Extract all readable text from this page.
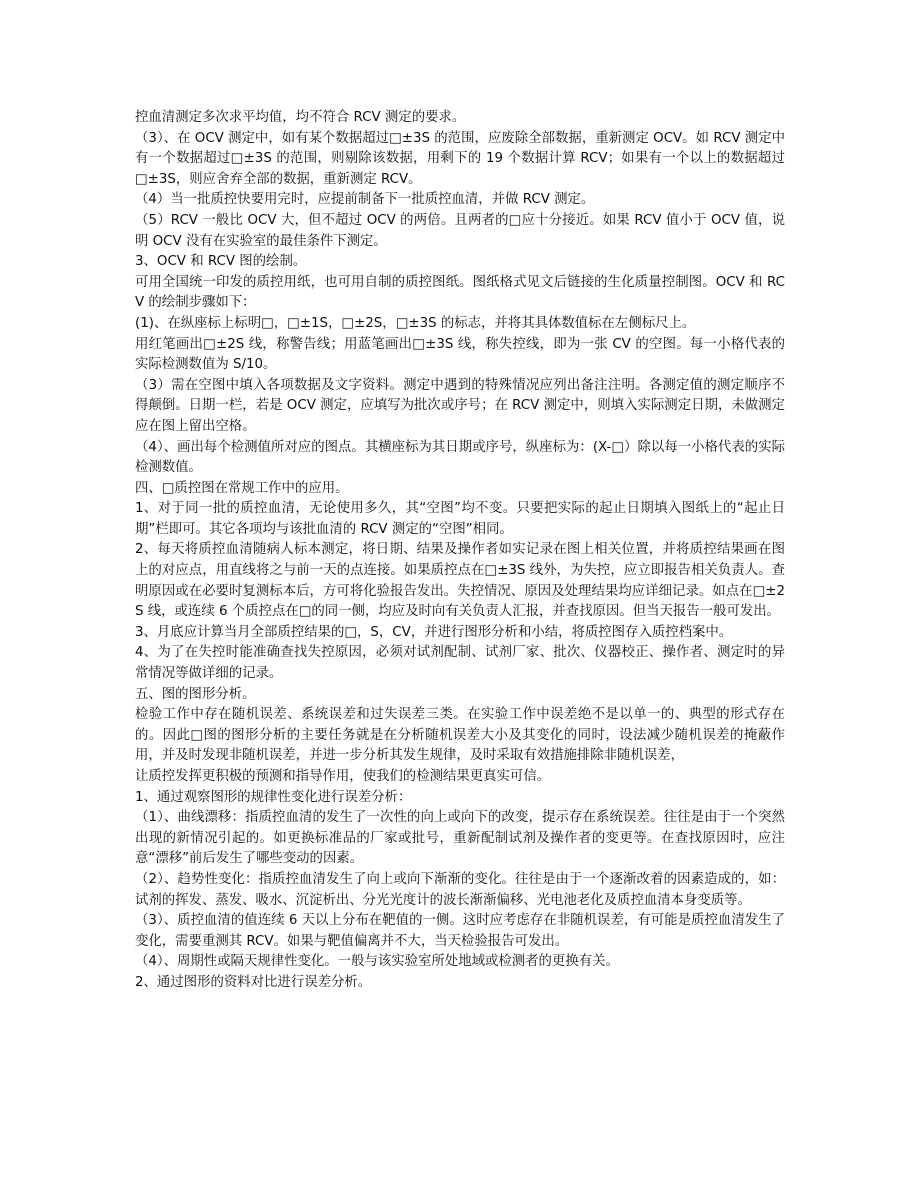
控血清测定多次求平均值，均不符合 RCV 测定的要求。

（3）、在 OCV 测定中，如有某个数据超过□±3S 的范围，应废除全部数据，重新测定 OCV。如 RCV 测定中有一个数据超过□±3S 的范围，则剔除该数据，用剩下的 19 个数据计算 RCV；如果有一个以上的数据超过□±3S，则应舍弃全部的数据，重新测定 RCV。

（4）当一批质控快要用完时，应提前制备下一批质控血清，并做 RCV 测定。

（5）RCV 一般比 OCV 大，但不超过 OCV 的两倍。且两者的□应十分接近。如果 RCV 值小于 OCV 值，说明 OCV 没有在实验室的最佳条件下测定。

3、OCV 和 RCV 图的绘制。

可用全国统一印发的质控用纸，也可用自制的质控图纸。图纸格式见文后链接的生化质量控制图。OCV 和 RCV 的绘制步骤如下：

(1)、在纵座标上标明□，□±1S，□±2S，□±3S 的标志，并将其具体数值标在左侧标尺上。

用红笔画出□±2S 线，称警告线；用蓝笔画出□±3S 线，称失控线，即为一张 CV 的空图。每一小格代表的实际检测数值为 S/10。

（3）需在空图中填入各项数据及文字资料。测定中遇到的特殊情况应列出备注注明。各测定值的测定顺序不得颠倒。日期一栏，若是 OCV 测定，应填写为批次或序号；在 RCV 测定中，则填入实际测定日期，未做测定应在图上留出空格。

（4）、画出每个检测值所对应的图点。其横座标为其日期或序号，纵座标为：(X-□）除以每一小格代表的实际检测数值。

四、□质控图在常规工作中的应用。

1、对于同一批的质控血清，无论使用多久，其“空图”均不变。只要把实际的起止日期填入图纸上的“起止日期”栏即可。其它各项均与该批血清的 RCV 测定的“空图”相同。

2、每天将质控血清随病人标本测定，将日期、结果及操作者如实记录在图上相关位置，并将质控结果画在图上的对应点，用直线将之与前一天的点连接。如果质控点在□±3S 线外，为失控，应立即报告相关负责人。查明原因或在必要时复测标本后，方可将化验报告发出。失控情况、原因及处理结果均应详细记录。如点在□±2S 线，或连续 6 个质控点在□的同一侧，均应及时向有关负责人汇报，并查找原因。但当天报告一般可发出。

3、月底应计算当月全部质控结果的□，S，CV，并进行图形分析和小结，将质控图存入质控档案中。

4、为了在失控时能准确查找失控原因，必须对试剂配制、试剂厂家、批次、仪器校正、操作者、测定时的异常情况等做详细的记录。

五、图的图形分析。

检验工作中存在随机误差、系统误差和过失误差三类。在实验工作中误差绝不是以单一的、典型的形式存在的。因此□图的图形分析的主要任务就是在分析随机误差大小及其变化的同时，设法减少随机误差的掩蔽作用，并及时发现非随机误差，并进一步分析其发生规律，及时采取有效措施排除非随机误差，

让质控发挥更积极的预测和指导作用，使我们的检测结果更真实可信。

1、通过观察图形的规律性变化进行误差分析：

（1）、曲线漂移：指质控血清的发生了一次性的向上或向下的改变，提示存在系统误差。往往是由于一个突然出现的新情况引起的。如更换标准品的厂家或批号，重新配制试剂及操作者的变更等。在查找原因时，应注意“漂移”前后发生了哪些变动的因素。

（2）、趋势性变化：指质控血清发生了向上或向下渐渐的变化。往往是由于一个逐渐改着的因素造成的，如：试剂的挥发、蒸发、吸水、沉淀析出、分光光度计的波长渐渐偏移、光电池老化及质控血清本身变质等。

（3）、质控血清的值连续 6 天以上分布在靶值的一侧。这时应考虑存在非随机误差，有可能是质控血清发生了变化，需要重测其 RCV。如果与靶值偏离并不大，当天检验报告可发出。

（4）、周期性或隔天规律性变化。一般与该实验室所处地域或检测者的更换有关。

2、通过图形的资料对比进行误差分析。
